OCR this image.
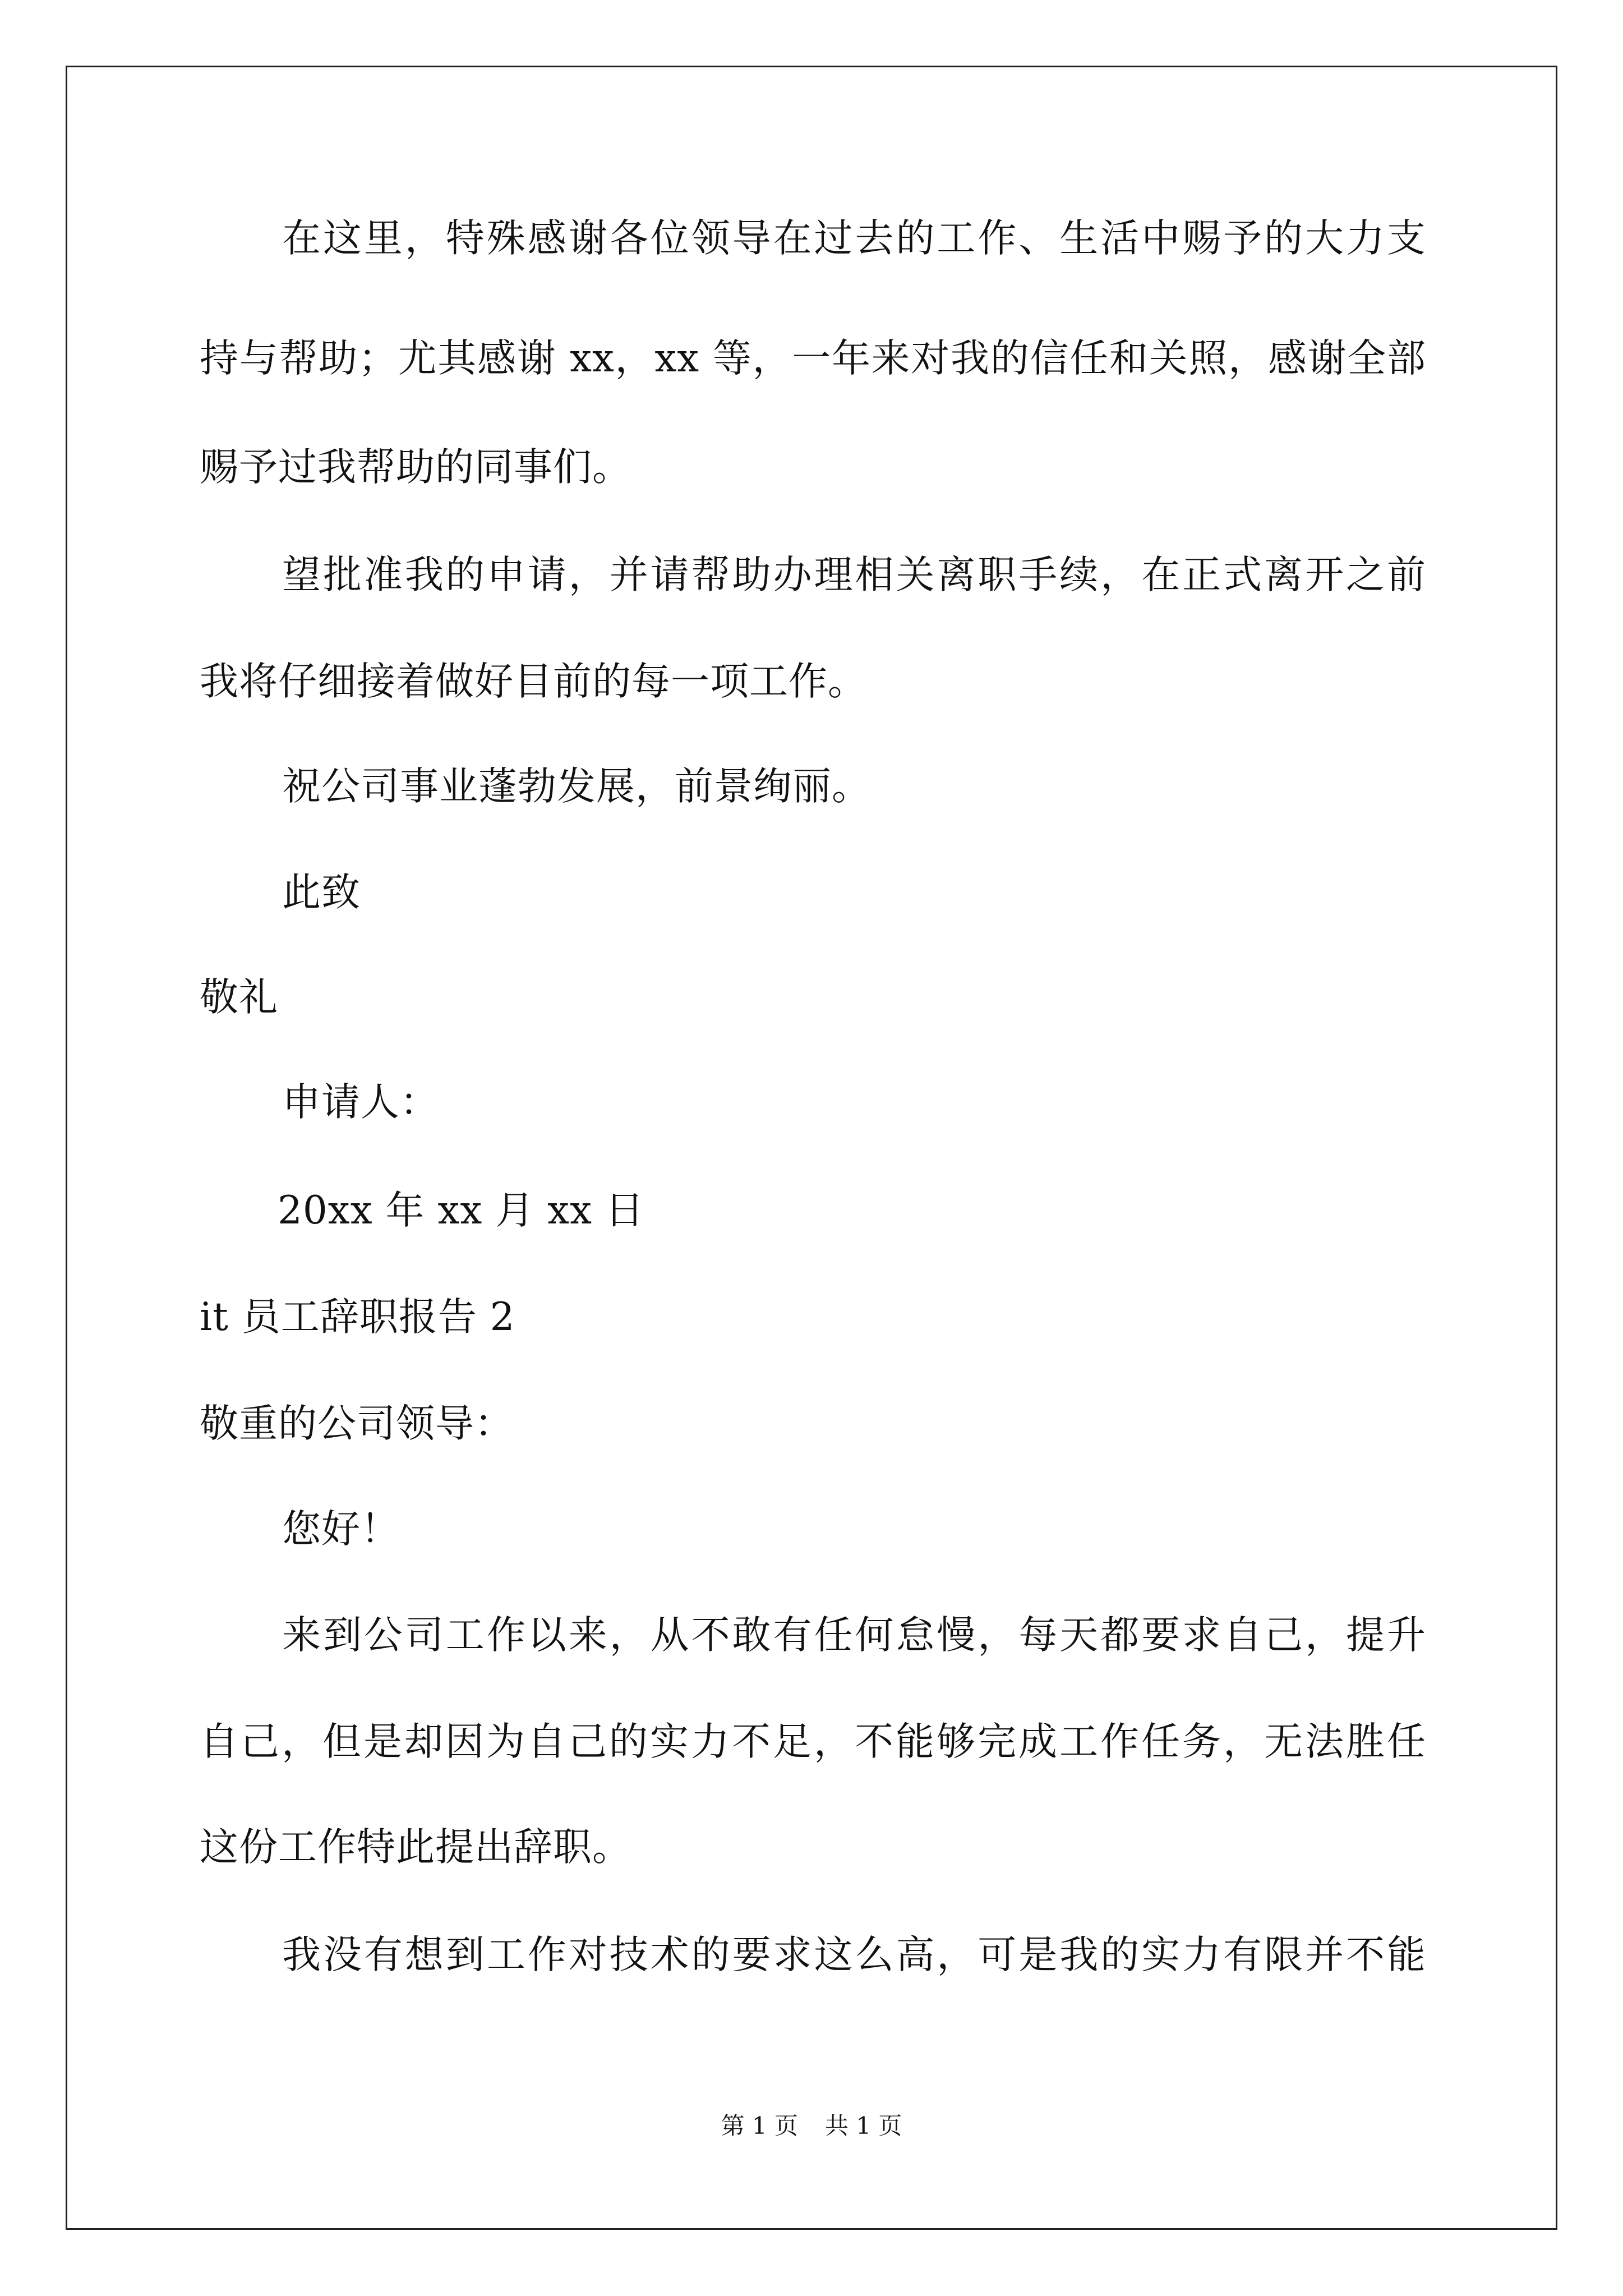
在这里，特殊感谢各位领导在过去的工作、生活中赐予的大力支
持与帮助；尤其感谢 xx，xx 等，一年来对我的信任和关照，感谢全部
赐予过我帮助的同事们。
望批准我的申请，并请帮助办理相关离职手续，在正式离开之前
我将仔细接着做好目前的每一项工作。
祝公司事业蓬勃发展，前景绚丽。
此致
敬礼
申请人：
20xx 年 xx 月 xx 日
it 员工辞职报告 2
敬重的公司领导：
您好！
来到公司工作以来，从不敢有任何怠慢，每天都要求自己，提升
自己，但是却因为自己的实力不足，不能够完成工作任务，无法胜任
这份工作特此提出辞职。
我没有想到工作对技术的要求这么高，可是我的实力有限并不能
第 1 页 共 1 页
